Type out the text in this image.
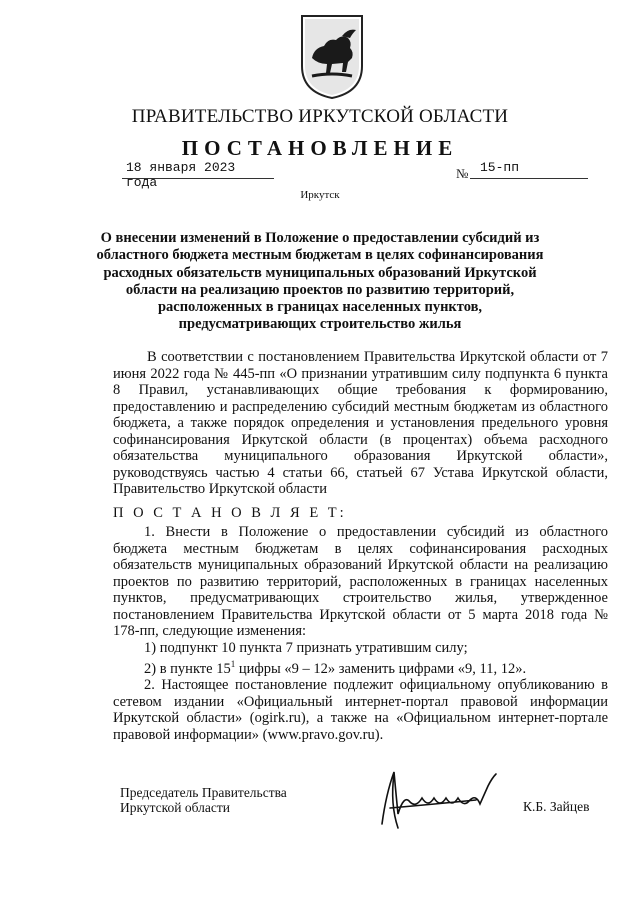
ПРАВИТЕЛЬСТВО ИРКУТСКОЙ ОБЛАСТИ
ПОСТАНОВЛЕНИЕ
18 января 2023 года
№ 15-пп
Иркутск
О внесении изменений в Положение о предоставлении субсидий из областного бюджета местным бюджетам в целях софинансирования расходных обязательств муниципальных образований Иркутской области на реализацию проектов по развитию территорий, расположенных в границах населенных пунктов, предусматривающих строительство жилья

В соответствии с постановлением Правительства Иркутской области от 7 июня 2022 года № 445-пп «О признании утратившим силу подпункта 6 пункта 8 Правил, устанавливающих общие требования к формированию, предоставлению и распределению субсидий местным бюджетам из областного бюджета, а также порядок определения и установления предельного уровня софинансирования Иркутской области (в процентах) объема расходного обязательства муниципального образования Иркутской области», руководствуясь частью 4 статьи 66, статьей 67 Устава Иркутской области, Правительство Иркутской области

П О С Т А Н О В Л Я Е Т:

1. Внести в Положение о предоставлении субсидий из областного бюджета местным бюджетам в целях софинансирования расходных обязательств муниципальных образований Иркутской области на реализацию проектов по развитию территорий, расположенных в границах населенных пунктов, предусматривающих строительство жилья, утвержденное постановлением Правительства Иркутской области от 5 марта 2018 года № 178-пп, следующие изменения:

1) подпункт 10 пункта 7 признать утратившим силу;

2) в пункте $15^1$ цифры «9 – 12» заменить цифрами «9, 11, 12».

2. Настоящее постановление подлежит официальному опубликованию в сетевом издании «Официальный интернет-портал правовой информации Иркутской области» (ogirk.ru), а также на «Официальном интернет-портале правовой информации» (www.pravo.gov.ru).

Председатель Правительства
Иркутской области	К.Б. Зайцев
